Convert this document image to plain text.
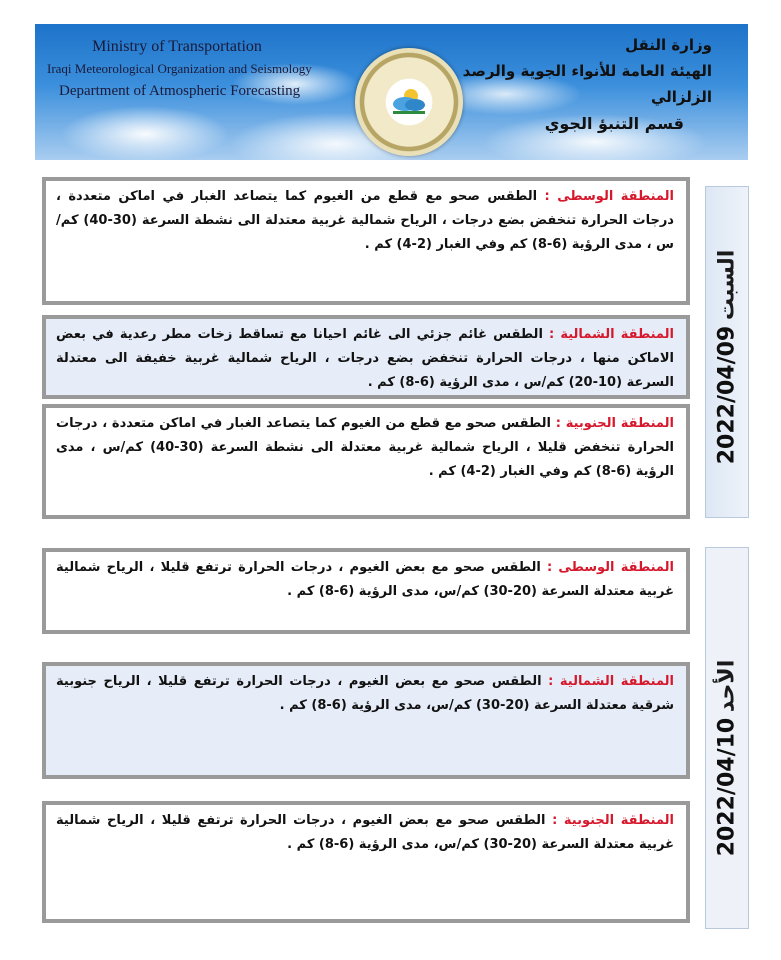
Ministry of Transportation
Iraqi Meteorological Organization and Seismology
Department of Atmospheric Forecasting
وزارة النقل
الهيئة العامة للأنواء الجوية والرصد الزلزالي
قسم التنبؤ الجوي
2022/04/09 السبت
2022/04/10 الأحد
المنطقة الوسطى : الطقس صحو مع قطع من الغيوم كما يتصاعد الغبار في اماكن متعددة ، درجات الحرارة تنخفض بضع درجات ، الرياح شمالية غربية معتدلة الى نشطة السرعة (30-40) كم/س ، مدى الرؤية (6-8) كم وفي الغبار (2-4) كم .
المنطقة الشمالية : الطقس غائم جزئي الى غائم احيانا مع تساقط زخات مطر رعدية في بعض الاماكن منها ، درجات الحرارة تنخفض بضع درجات ، الرياح شمالية غربية خفيفة الى معتدلة السرعة (10-20) كم/س ، مدى الرؤية (6-8) كم .
المنطقة الجنوبية : الطقس صحو مع قطع من الغيوم كما يتصاعد الغبار في اماكن متعددة ، درجات الحرارة تنخفض قليلا ، الرياح شمالية غربية معتدلة الى نشطة السرعة (30-40) كم/س ، مدى الرؤية (6-8) كم وفي الغبار (2-4) كم .
المنطقة الوسطى : الطقس صحو مع بعض الغيوم ، درجات الحرارة ترتفع قليلا ، الرياح شمالية غربية معتدلة السرعة (20-30) كم/س، مدى الرؤية (6-8) كم .
المنطقة الشمالية : الطقس صحو مع بعض الغيوم ، درجات الحرارة ترتفع قليلا ، الرياح جنوبية شرقية معتدلة السرعة (20-30) كم/س، مدى الرؤية (6-8) كم .
المنطقة الجنوبية : الطقس صحو مع بعض الغيوم ، درجات الحرارة ترتفع قليلا ، الرياح شمالية غربية معتدلة السرعة (20-30) كم/س، مدى الرؤية (6-8) كم .
